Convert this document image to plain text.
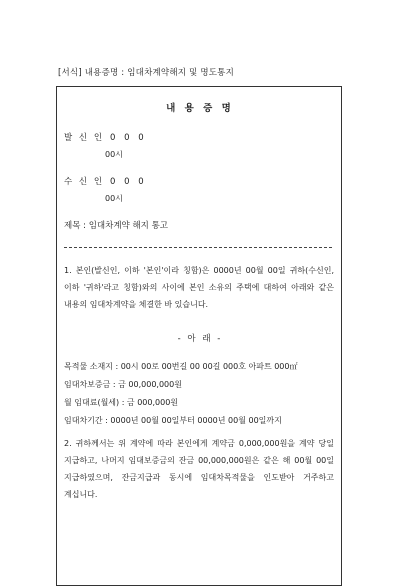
[서식] 내용증명 : 임대차계약해지 및 명도통지
내 용 증 명
발 신 인 0 0 0
00시
수 신 인 0 0 0
00시
제목 : 임대차계약 해지 통고
1. 본인(발신인, 이하 '본인'이라 칭함)은 0000년 00월 00일 귀하(수신인, 이하 '귀하'라고 칭함)와의 사이에 본인 소유의 주택에 대하여 아래와 같은 내용의 임대차계약을 체결한 바 있습니다.
- 아 래 -
목적물 소재지 : 00시 00로 00번길 00 00길 000호 아파트 000㎡
임대차보증금 : 금 00,000,000원
월 임대료(월세) : 금 000,000원
임대차기간 : 0000년 00월 00일부터 0000년 00월 00일까지
2. 귀하께서는 위 계약에 따라 본인에게 계약금 0,000,000원을 계약 당일 지급하고, 나머지 임대보증금의 잔금 00,000,000원은 같은 해 00월 00일 지급하였으며, 잔금지급과 동시에 임대차목적물을 인도받아 거주하고 계십니다.
